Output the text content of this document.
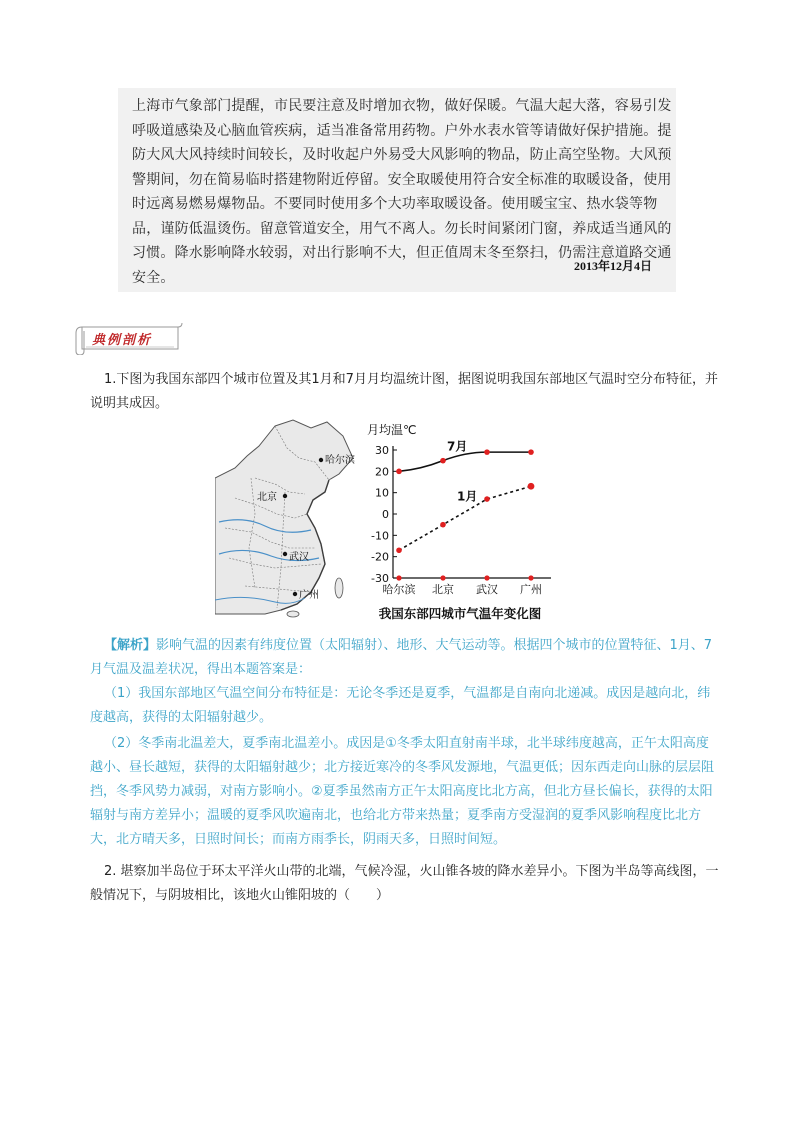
上海市气象部门提醒，市民要注意及时增加衣物，做好保暖。气温大起大落，容易引发呼吸道感染及心脑血管疾病，适当准备常用药物。户外水表水管等请做好保护措施。提防大风大风持续时间较长，及时收起户外易受大风影响的物品，防止高空坠物。大风预警期间，勿在简易临时搭建物附近停留。安全取暖使用符合安全标准的取暖设备，使用时远离易燃易爆物品。不要同时使用多个大功率取暖设备。使用暖宝宝、热水袋等物品，谨防低温烫伤。留意管道安全，用气不离人。勿长时间紧闭门窗，养成适当通风的习惯。降水影响降水较弱，对出行影响不大，但正值周末冬至祭扫，仍需注意道路交通安全。
2013年12月4日
典例剖析
1.下图为我国东部四个城市位置及其1月和7月月均温统计图，据图说明我国东部地区气温时空分布特征，并说明其成因。
哈尔滨
北京
武汉
广州
月均温℃
30
20
10
0
-10
-20
-30
7月
1月
哈尔滨 北京 武汉 广州
我国东部四城市气温年变化图
【解析】影响气温的因素有纬度位置（太阳辐射）、地形、大气运动等。根据四个城市的位置特征、1月、7月气温及温差状况，得出本题答案是：
（1）我国东部地区气温空间分布特征是：无论冬季还是夏季，气温都是自南向北递减。成因是越向北，纬度越高，获得的太阳辐射越少。
（2）冬季南北温差大，夏季南北温差小。成因是①冬季太阳直射南半球，北半球纬度越高，正午太阳高度越小、昼长越短，获得的太阳辐射越少；北方接近寒冷的冬季风发源地，气温更低；因东西走向山脉的层层阻挡，冬季风势力减弱，对南方影响小。②夏季虽然南方正午太阳高度比北方高，但北方昼长偏长，获得的太阳辐射与南方差异小；温暖的夏季风吹遍南北，也给北方带来热量；夏季南方受湿润的夏季风影响程度比北方大，北方晴天多，日照时间长；而南方雨季长，阴雨天多，日照时间短。
2. 堪察加半岛位于环太平洋火山带的北端，气候冷湿，火山锥各坡的降水差异小。下图为半岛等高线图，一般情况下，与阴坡相比，该地火山锥阳坡的（　　）
